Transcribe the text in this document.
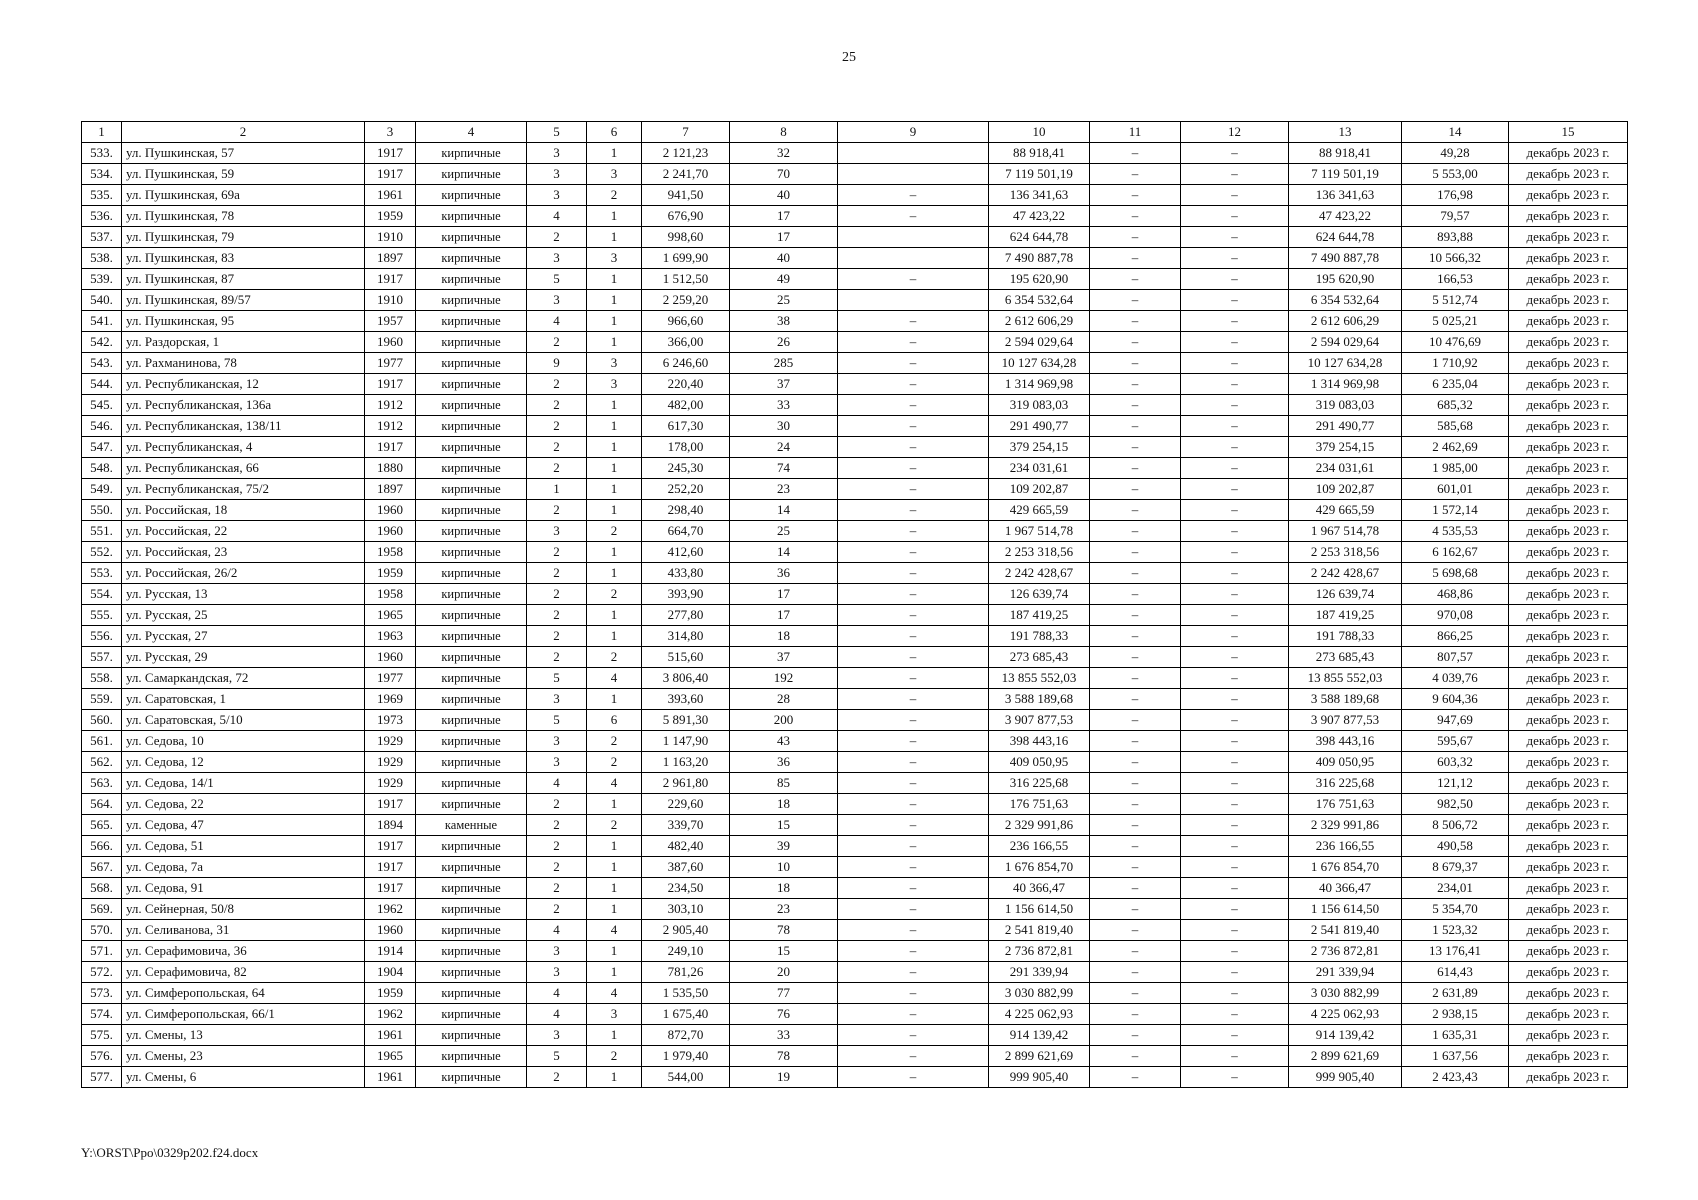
25
1	2	3	4	5	6	7	8	9	10	11	12	13	14	15
533.	ул. Пушкинская, 57	1917	кирпичные	3	1	2 121,23	32		88 918,41	–	–	88 918,41	49,28	декабрь 2023 г.
534.	ул. Пушкинская, 59	1917	кирпичные	3	3	2 241,70	70		7 119 501,19	–	–	7 119 501,19	5 553,00	декабрь 2023 г.
535.	ул. Пушкинская, 69а	1961	кирпичные	3	2	941,50	40	–	136 341,63	–	–	136 341,63	176,98	декабрь 2023 г.
536.	ул. Пушкинская, 78	1959	кирпичные	4	1	676,90	17	–	47 423,22	–	–	47 423,22	79,57	декабрь 2023 г.
537.	ул. Пушкинская, 79	1910	кирпичные	2	1	998,60	17		624 644,78	–	–	624 644,78	893,88	декабрь 2023 г.
538.	ул. Пушкинская, 83	1897	кирпичные	3	3	1 699,90	40		7 490 887,78	–	–	7 490 887,78	10 566,32	декабрь 2023 г.
539.	ул. Пушкинская, 87	1917	кирпичные	5	1	1 512,50	49	–	195 620,90	–	–	195 620,90	166,53	декабрь 2023 г.
540.	ул. Пушкинская, 89/57	1910	кирпичные	3	1	2 259,20	25		6 354 532,64	–	–	6 354 532,64	5 512,74	декабрь 2023 г.
541.	ул. Пушкинская, 95	1957	кирпичные	4	1	966,60	38	–	2 612 606,29	–	–	2 612 606,29	5 025,21	декабрь 2023 г.
542.	ул. Раздорская, 1	1960	кирпичные	2	1	366,00	26	–	2 594 029,64	–	–	2 594 029,64	10 476,69	декабрь 2023 г.
543.	ул. Рахманинова, 78	1977	кирпичные	9	3	6 246,60	285	–	10 127 634,28	–	–	10 127 634,28	1 710,92	декабрь 2023 г.
544.	ул. Республиканская, 12	1917	кирпичные	2	3	220,40	37	–	1 314 969,98	–	–	1 314 969,98	6 235,04	декабрь 2023 г.
545.	ул. Республиканская, 136а	1912	кирпичные	2	1	482,00	33	–	319 083,03	–	–	319 083,03	685,32	декабрь 2023 г.
546.	ул. Республиканская, 138/11	1912	кирпичные	2	1	617,30	30	–	291 490,77	–	–	291 490,77	585,68	декабрь 2023 г.
547.	ул. Республиканская, 4	1917	кирпичные	2	1	178,00	24	–	379 254,15	–	–	379 254,15	2 462,69	декабрь 2023 г.
548.	ул. Республиканская, 66	1880	кирпичные	2	1	245,30	74	–	234 031,61	–	–	234 031,61	1 985,00	декабрь 2023 г.
549.	ул. Республиканская, 75/2	1897	кирпичные	1	1	252,20	23	–	109 202,87	–	–	109 202,87	601,01	декабрь 2023 г.
550.	ул. Российская, 18	1960	кирпичные	2	1	298,40	14	–	429 665,59	–	–	429 665,59	1 572,14	декабрь 2023 г.
551.	ул. Российская, 22	1960	кирпичные	3	2	664,70	25	–	1 967 514,78	–	–	1 967 514,78	4 535,53	декабрь 2023 г.
552.	ул. Российская, 23	1958	кирпичные	2	1	412,60	14	–	2 253 318,56	–	–	2 253 318,56	6 162,67	декабрь 2023 г.
553.	ул. Российская, 26/2	1959	кирпичные	2	1	433,80	36	–	2 242 428,67	–	–	2 242 428,67	5 698,68	декабрь 2023 г.
554.	ул. Русская, 13	1958	кирпичные	2	2	393,90	17	–	126 639,74	–	–	126 639,74	468,86	декабрь 2023 г.
555.	ул. Русская, 25	1965	кирпичные	2	1	277,80	17	–	187 419,25	–	–	187 419,25	970,08	декабрь 2023 г.
556.	ул. Русская, 27	1963	кирпичные	2	1	314,80	18	–	191 788,33	–	–	191 788,33	866,25	декабрь 2023 г.
557.	ул. Русская, 29	1960	кирпичные	2	2	515,60	37	–	273 685,43	–	–	273 685,43	807,57	декабрь 2023 г.
558.	ул. Самаркандская, 72	1977	кирпичные	5	4	3 806,40	192	–	13 855 552,03	–	–	13 855 552,03	4 039,76	декабрь 2023 г.
559.	ул. Саратовская, 1	1969	кирпичные	3	1	393,60	28	–	3 588 189,68	–	–	3 588 189,68	9 604,36	декабрь 2023 г.
560.	ул. Саратовская, 5/10	1973	кирпичные	5	6	5 891,30	200	–	3 907 877,53	–	–	3 907 877,53	947,69	декабрь 2023 г.
561.	ул. Седова, 10	1929	кирпичные	3	2	1 147,90	43	–	398 443,16	–	–	398 443,16	595,67	декабрь 2023 г.
562.	ул. Седова, 12	1929	кирпичные	3	2	1 163,20	36	–	409 050,95	–	–	409 050,95	603,32	декабрь 2023 г.
563.	ул. Седова, 14/1	1929	кирпичные	4	4	2 961,80	85	–	316 225,68	–	–	316 225,68	121,12	декабрь 2023 г.
564.	ул. Седова, 22	1917	кирпичные	2	1	229,60	18	–	176 751,63	–	–	176 751,63	982,50	декабрь 2023 г.
565.	ул. Седова, 47	1894	каменные	2	2	339,70	15	–	2 329 991,86	–	–	2 329 991,86	8 506,72	декабрь 2023 г.
566.	ул. Седова, 51	1917	кирпичные	2	1	482,40	39	–	236 166,55	–	–	236 166,55	490,58	декабрь 2023 г.
567.	ул. Седова, 7а	1917	кирпичные	2	1	387,60	10	–	1 676 854,70	–	–	1 676 854,70	8 679,37	декабрь 2023 г.
568.	ул. Седова, 91	1917	кирпичные	2	1	234,50	18	–	40 366,47	–	–	40 366,47	234,01	декабрь 2023 г.
569.	ул. Сейнерная, 50/8	1962	кирпичные	2	1	303,10	23	–	1 156 614,50	–	–	1 156 614,50	5 354,70	декабрь 2023 г.
570.	ул. Селиванова, 31	1960	кирпичные	4	4	2 905,40	78	–	2 541 819,40	–	–	2 541 819,40	1 523,32	декабрь 2023 г.
571.	ул. Серафимовича, 36	1914	кирпичные	3	1	249,10	15	–	2 736 872,81	–	–	2 736 872,81	13 176,41	декабрь 2023 г.
572.	ул. Серафимовича, 82	1904	кирпичные	3	1	781,26	20	–	291 339,94	–	–	291 339,94	614,43	декабрь 2023 г.
573.	ул. Симферопольская, 64	1959	кирпичные	4	4	1 535,50	77	–	3 030 882,99	–	–	3 030 882,99	2 631,89	декабрь 2023 г.
574.	ул. Симферопольская, 66/1	1962	кирпичные	4	3	1 675,40	76	–	4 225 062,93	–	–	4 225 062,93	2 938,15	декабрь 2023 г.
575.	ул. Смены, 13	1961	кирпичные	3	1	872,70	33	–	914 139,42	–	–	914 139,42	1 635,31	декабрь 2023 г.
576.	ул. Смены, 23	1965	кирпичные	5	2	1 979,40	78	–	2 899 621,69	–	–	2 899 621,69	1 637,56	декабрь 2023 г.
577.	ул. Смены, 6	1961	кирпичные	2	1	544,00	19	–	999 905,40	–	–	999 905,40	2 423,43	декабрь 2023 г.
Y:\ORST\Ppo\0329p202.f24.docx
